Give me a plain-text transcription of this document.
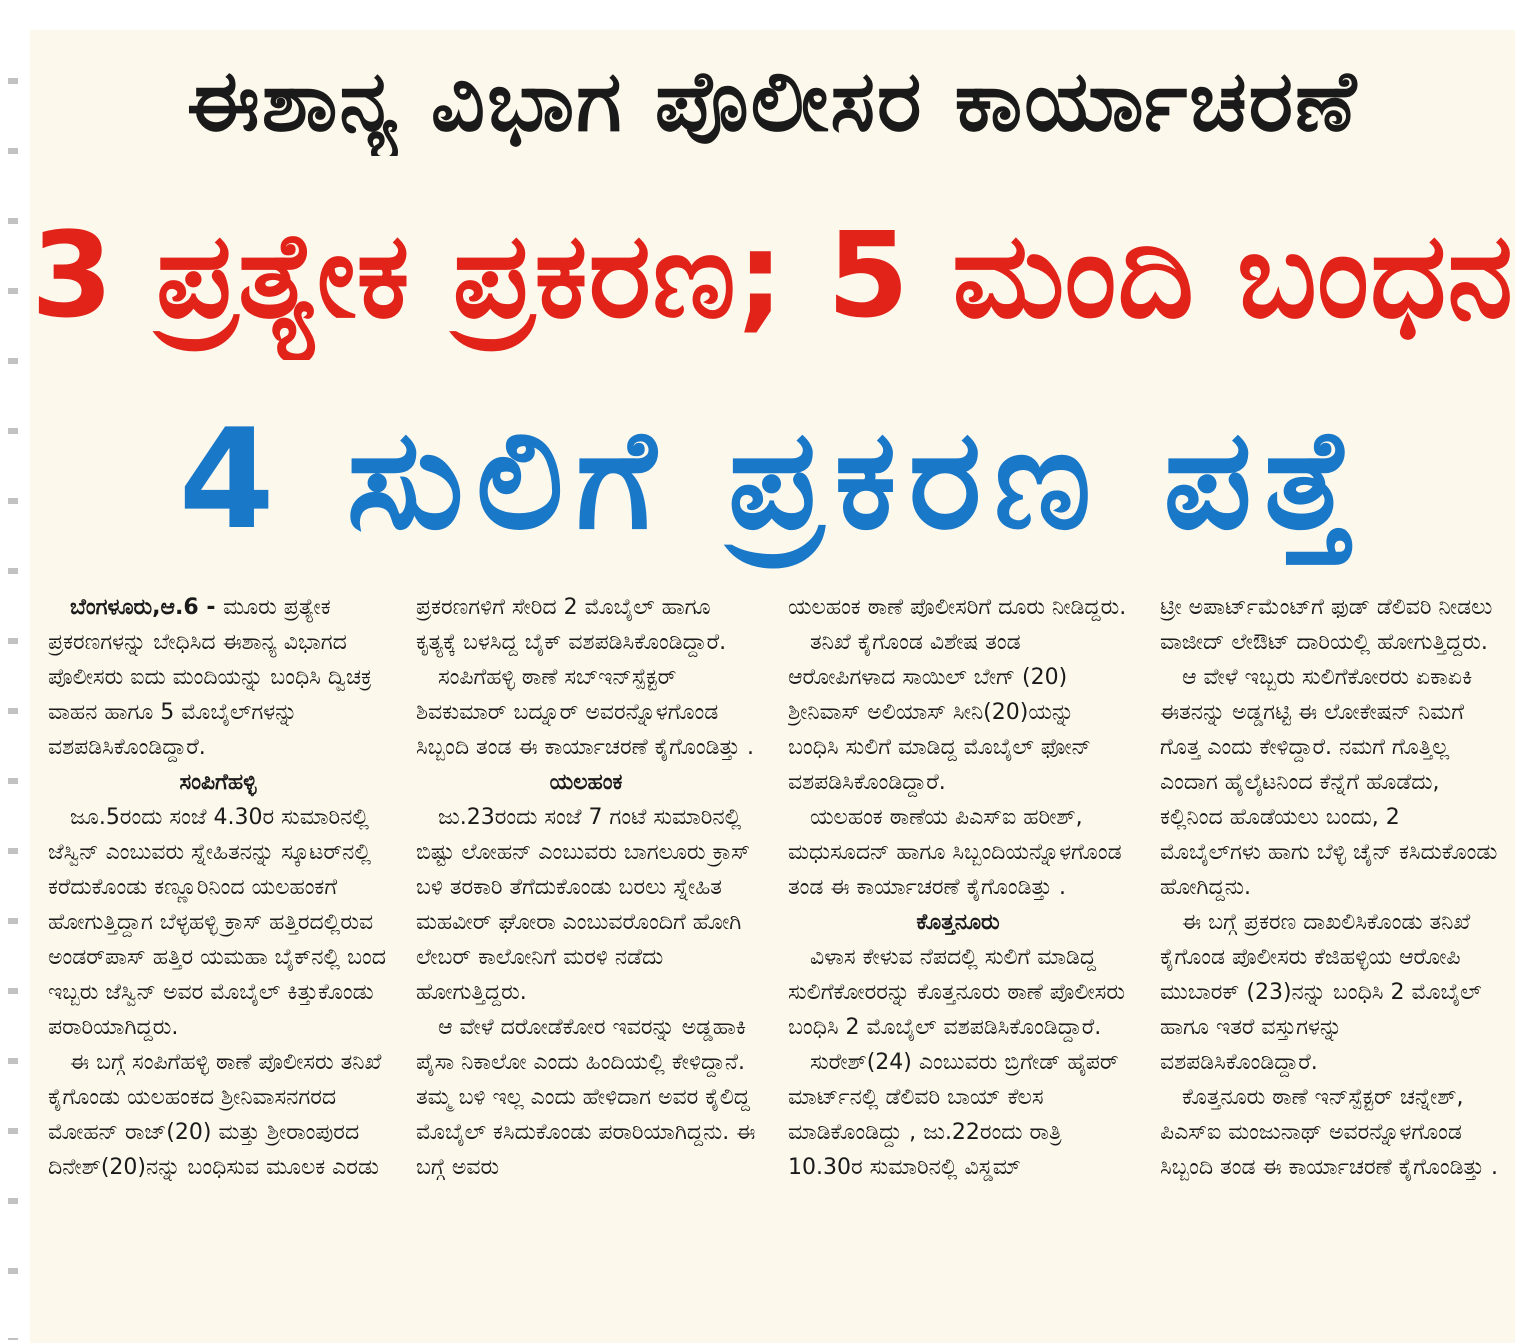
ಈಶಾನ್ಯ ವಿಭಾಗ ಪೊಲೀಸರ ಕಾರ್ಯಾಚರಣೆ
3 ಪ್ರತ್ಯೇಕ ಪ್ರಕರಣ; 5 ಮಂದಿ ಬಂಧನ
4 ಸುಲಿಗೆ ಪ್ರಕರಣ ಪತ್ತೆ

ಬೆಂಗಳೂರು,ಆ.6 - ಮೂರು ಪ್ರತ್ಯೇಕ ಪ್ರಕರಣಗಳನ್ನು ಬೇಧಿಸಿದ ಈಶಾನ್ಯ ವಿಭಾಗದ ಪೊಲೀಸರು ಐದು ಮಂದಿಯನ್ನು ಬಂಧಿಸಿ ದ್ವಿಚಕ್ರ ವಾಹನ ಹಾಗೂ 5 ಮೊಬೈಲ್‌ಗಳನ್ನು ವಶಪಡಿಸಿಕೊಂಡಿದ್ದಾರೆ.

ಸಂಪಿಗೆಹಳ್ಳಿ

ಜೂ.5ರಂದು ಸಂಜೆ 4.30ರ ಸುಮಾರಿನಲ್ಲಿ ಜೆಸ್ವಿನ್ ಎಂಬುವರು ಸ್ನೇಹಿತನನ್ನು ಸ್ಕೂಟರ್‌ನಲ್ಲಿ ಕರೆದುಕೊಂಡು ಕಣ್ಣೂರಿನಿಂದ ಯಲಹಂಕಗೆ ಹೋಗುತ್ತಿದ್ದಾಗ ಬೆಳ್ಳಹಳ್ಳಿ ಕ್ರಾಸ್ ಹತ್ತಿರದಲ್ಲಿರುವ ಅಂಡರ್‌ಪಾಸ್ ಹತ್ತಿರ ಯಮಹಾ ಬೈಕ್‌ನಲ್ಲಿ ಬಂದ ಇಬ್ಬರು ಜೆಸ್ವಿನ್ ಅವರ ಮೊಬೈಲ್ ಕಿತ್ತುಕೊಂಡು ಪರಾರಿಯಾಗಿದ್ದರು.

ಈ ಬಗ್ಗೆ ಸಂಪಿಗೆಹಳ್ಳಿ ಠಾಣೆ ಪೊಲೀಸರು ತನಿಖೆ ಕೈಗೊಂಡು ಯಲಹಂಕದ ಶ್ರೀನಿವಾಸನಗರದ ಮೋಹನ್ ರಾಜ್(20) ಮತ್ತು ಶ್ರೀರಾಂಪುರದ ದಿನೇಶ್(20)ನನ್ನು ಬಂಧಿಸುವ ಮೂಲಕ ಎರಡು

ಪ್ರಕರಣಗಳಿಗೆ ಸೇರಿದ 2 ಮೊಬೈಲ್ ಹಾಗೂ ಕೃತ್ಯಕ್ಕೆ ಬಳಸಿದ್ದ ಬೈಕ್ ವಶಪಡಿಸಿಕೊಂಡಿದ್ದಾರೆ.

ಸಂಪಿಗೆಹಳ್ಳಿ ಠಾಣೆ ಸಬ್‌ಇನ್‌ಸ್ಪೆಕ್ಟರ್ ಶಿವಕುಮಾರ್ ಬದ್ನೂರ್ ಅವರನ್ನೊಳಗೊಂಡ ಸಿಬ್ಬಂದಿ ತಂಡ ಈ ಕಾರ್ಯಾಚರಣೆ ಕೈಗೊಂಡಿತ್ತು .

ಯಲಹಂಕ

ಜು.23ರಂದು ಸಂಜೆ 7 ಗಂಟೆ ಸುಮಾರಿನಲ್ಲಿ ಬಿಷ್ಟು ಲೋಹನ್ ಎಂಬುವರು ಬಾಗಲೂರು ಕ್ರಾಸ್ ಬಳಿ ತರಕಾರಿ ತೆಗೆದುಕೊಂಡು ಬರಲು ಸ್ನೇಹಿತ ಮಹವೀರ್ ಘೋರಾ ಎಂಬುವರೊಂದಿಗೆ ಹೋಗಿ ಲೇಬರ್ ಕಾಲೋನಿಗೆ ಮರಳಿ ನಡೆದು ಹೋಗುತ್ತಿದ್ದರು.

ಆ ವೇಳೆ ದರೋಡೆಕೋರ ಇವರನ್ನು ಅಡ್ಡಹಾಕಿ ಪೈಸಾ ನಿಕಾಲೋ ಎಂದು ಹಿಂದಿಯಲ್ಲಿ ಕೇಳಿದ್ದಾನೆ. ತಮ್ಮ ಬಳಿ ಇಲ್ಲ ಎಂದು ಹೇಳಿದಾಗ ಅವರ ಕೈಲಿದ್ದ ಮೊಬೈಲ್ ಕಸಿದುಕೊಂಡು ಪರಾರಿಯಾಗಿದ್ದನು. ಈ ಬಗ್ಗೆ ಅವರು

ಯಲಹಂಕ ಠಾಣೆ ಪೊಲೀಸರಿಗೆ ದೂರು ನೀಡಿದ್ದರು.

ತನಿಖೆ ಕೈಗೊಂಡ ವಿಶೇಷ ತಂಡ ಆರೋಪಿಗಳಾದ ಸಾಯಿಲ್ ಬೇಗ್ (20) ಶ್ರೀನಿವಾಸ್ ಅಲಿಯಾಸ್ ಸೀನಿ(20)ಯನ್ನು ಬಂಧಿಸಿ ಸುಲಿಗೆ ಮಾಡಿದ್ದ ಮೊಬೈಲ್ ಫೋನ್ ವಶಪಡಿಸಿಕೊಂಡಿದ್ದಾರೆ.

ಯಲಹಂಕ ಠಾಣೆಯ ಪಿಎಸ್‌ಐ ಹರೀಶ್, ಮಧುಸೂದನ್ ಹಾಗೂ ಸಿಬ್ಬಂದಿಯನ್ನೊಳಗೊಂಡ ತಂಡ ಈ ಕಾರ್ಯಾಚರಣೆ ಕೈಗೊಂಡಿತ್ತು .

ಕೊತ್ತನೂರು

ವಿಳಾಸ ಕೇಳುವ ನೆಪದಲ್ಲಿ ಸುಲಿಗೆ ಮಾಡಿದ್ದ ಸುಲಿಗೆಕೋರರನ್ನು ಕೊತ್ತನೂರು ಠಾಣೆ ಪೊಲೀಸರು ಬಂಧಿಸಿ 2 ಮೊಬೈಲ್ ವಶಪಡಿಸಿಕೊಂಡಿದ್ದಾರೆ.

ಸುರೇಶ್(24) ಎಂಬುವರು ಬ್ರಿಗೇಡ್ ಹೈಪರ್ ಮಾರ್ಟ್‌ನಲ್ಲಿ ಡೆಲಿವರಿ ಬಾಯ್ ಕೆಲಸ ಮಾಡಿಕೊಂಡಿದ್ದು , ಜು.22ರಂದು ರಾತ್ರಿ 10.30ರ ಸುಮಾರಿನಲ್ಲಿ ವಿಸ್ಡಮ್

ಟ್ರೀ ಅಪಾರ್ಟ್‌ಮೆಂಟ್‌ಗೆ ಫುಡ್ ಡೆಲಿವರಿ ನೀಡಲು ವಾಜೀದ್ ಲೇಔಟ್ ದಾರಿಯಲ್ಲಿ ಹೋಗುತ್ತಿದ್ದರು.

ಆ ವೇಳೆ ಇಬ್ಬರು ಸುಲಿಗೆಕೋರರು ಏಕಾಏಕಿ ಈತನನ್ನು ಅಡ್ಡಗಟ್ಟಿ ಈ ಲೋಕೇಷನ್ ನಿಮಗೆ ಗೊತ್ತ ಎಂದು ಕೇಳಿದ್ದಾರೆ. ನಮಗೆ ಗೊತ್ತಿಲ್ಲ ಎಂದಾಗ ಹೈಲೈಟನಿಂದ ಕೆನ್ನೆಗೆ ಹೊಡೆದು, ಕಲ್ಲಿನಿಂದ ಹೊಡೆಯಲು ಬಂದು, 2 ಮೊಬೈಲ್‌ಗಳು ಹಾಗು ಬೆಳ್ಳಿ ಚೈನ್ ಕಸಿದುಕೊಂಡು ಹೋಗಿದ್ದನು.

ಈ ಬಗ್ಗೆ ಪ್ರಕರಣ ದಾಖಲಿಸಿಕೊಂಡು ತನಿಖೆ ಕೈಗೊಂಡ ಪೊಲೀಸರು ಕೆಜಿಹಳ್ಳಿಯ ಆರೋಪಿ ಮುಬಾರಕ್ (23)ನನ್ನು ಬಂಧಿಸಿ 2 ಮೊಬೈಲ್ ಹಾಗೂ ಇತರೆ ವಸ್ತುಗಳನ್ನು ವಶಪಡಿಸಿಕೊಂಡಿದ್ದಾರೆ.

ಕೊತ್ತನೂರು ಠಾಣೆ ಇನ್‌ಸ್ಪೆಕ್ಟರ್ ಚನ್ನೇಶ್, ಪಿಎಸ್‌ಐ ಮಂಜುನಾಥ್ ಅವರನ್ನೊಳಗೊಂಡ ಸಿಬ್ಬಂದಿ ತಂಡ ಈ ಕಾರ್ಯಾಚರಣೆ ಕೈಗೊಂಡಿತ್ತು .
